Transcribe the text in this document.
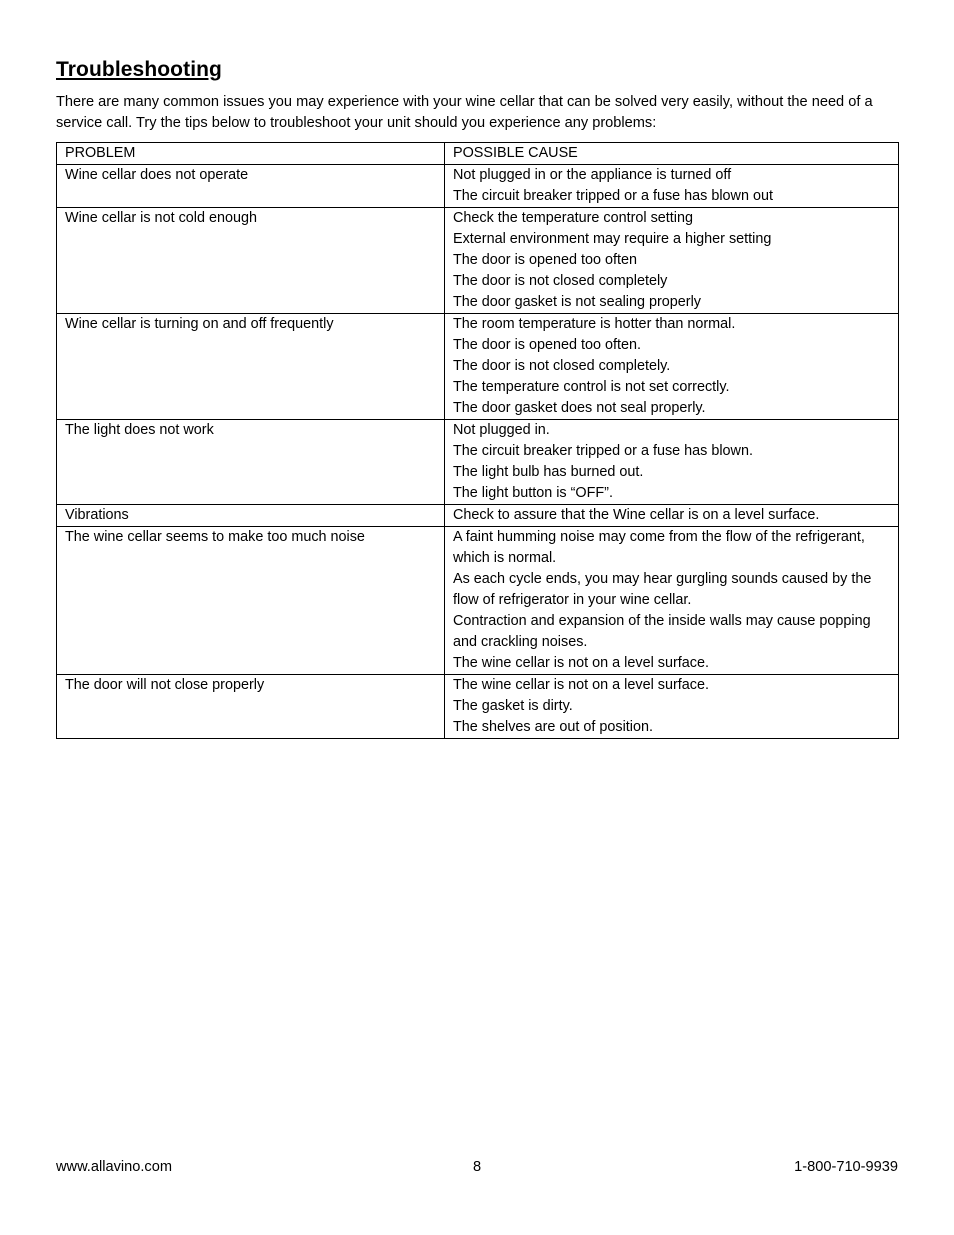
Troubleshooting
There are many common issues you may experience with your wine cellar that can be solved very easily, without the need of a service call. Try the tips below to troubleshoot your unit should you experience any problems:
PROBLEM	POSSIBLE CAUSE
Wine cellar does not operate	Not plugged in or the appliance is turned off
The circuit breaker tripped or a fuse has blown out

Wine cellar is not cold enough	Check the temperature control setting
External environment may require a higher setting
The door is opened too often
The door is not closed completely
The door gasket is not sealing properly

Wine cellar is turning on and off frequently	The room temperature is hotter than normal.
The door is opened too often.
The door is not closed completely.
The temperature control is not set correctly.
The door gasket does not seal properly.

The light does not work	Not plugged in.
The circuit breaker tripped or a fuse has blown.
The light bulb has burned out.
The light button is “OFF”.

Vibrations	Check to assure that the Wine cellar is on a level surface.

The wine cellar seems to make too much noise	A faint humming noise may come from the flow of the refrigerant, which is normal.
As each cycle ends, you may hear gurgling sounds caused by the flow of refrigerator in your wine cellar.
Contraction and expansion of the inside walls may cause popping and crackling noises.
The wine cellar is not on a level surface.

The door will not close properly	The wine cellar is not on a level surface.
The gasket is dirty.
The shelves are out of position.
www.allavino.com	8	1-800-710-9939
